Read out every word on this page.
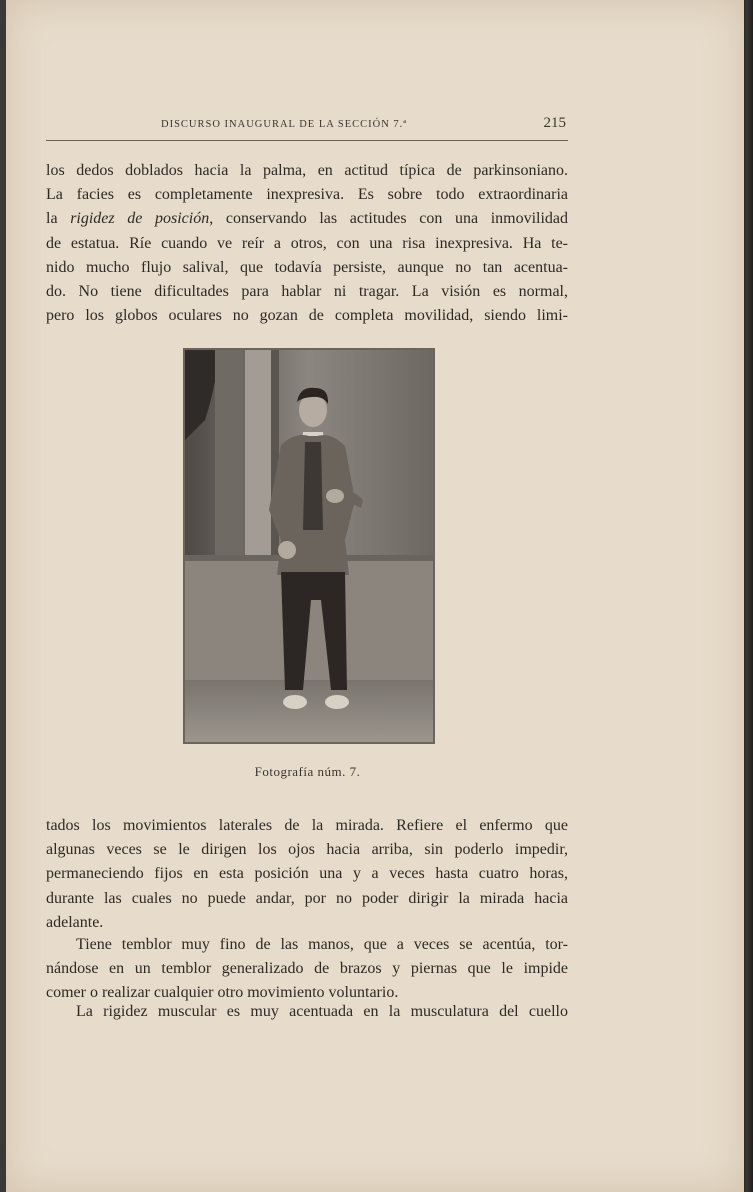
DISCURSO INAUGURAL DE LA SECCIÓN 7.ª	215
los dedos doblados hacia la palma, en actitud típica de parkinsoniano.
La facies es completamente inexpresiva. Es sobre todo extraordinaria
la rigidez de posición, conservando las actitudes con una inmovilidad
de estatua. Ríe cuando ve reír a otros, con una risa inexpresiva. Ha te-
nido mucho flujo salival, que todavía persiste, aunque no tan acentua-
do. No tiene dificultades para hablar ni tragar. La visión es normal,
pero los globos oculares no gozan de completa movilidad, siendo limi-
Fotografía núm. 7.
tados los movimientos laterales de la mirada. Refiere el enfermo que
algunas veces se le dirigen los ojos hacia arriba, sin poderlo impedir,
permaneciendo fijos en esta posición una y a veces hasta cuatro horas,
durante las cuales no puede andar, por no poder dirigir la mirada hacia
adelante.
Tiene temblor muy fino de las manos, que a veces se acentúa, tor-
nándose en un temblor generalizado de brazos y piernas que le impide
comer o realizar cualquier otro movimiento voluntario.
La rigidez muscular es muy acentuada en la musculatura del cuello
